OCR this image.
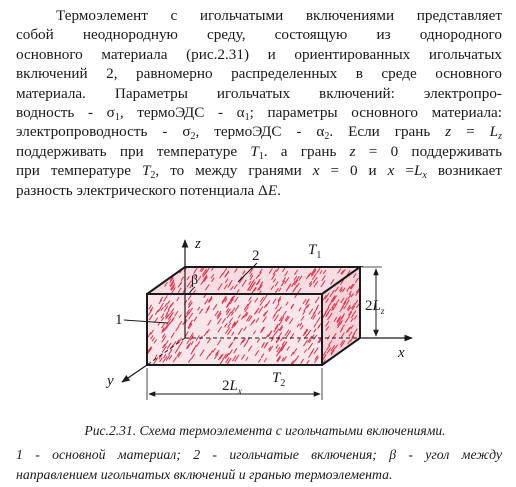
Термоэлемент с игольчатыми включениями представляет
собой неоднородную среду, состоящую из однородного
основного материала (рис.2.31) и ориентированных игольчатых
включений 2, равномерно распределенных в среде основного
материала. Параметры игольчатых включений: электропро-
водность - $\sigma_1$, термоЭДС - $\alpha_1$; параметры основного материала:
электропроводность - $\sigma_2$, термоЭДС - $\alpha_2$. Если грань $z = L_z$
поддерживать при температуре $T_1$. а грань z = 0 поддерживать
при температуре $T_2$, то между гранями x = 0 и $x =L_x$ возникает
разность электрического потенциала ΔE.
z
x
y
1
2
β
$T_1$
$T_2$
$2L_z$
$2L_x$
Рис.2.31. Схема термоэлемента с игольчатыми включениями.
1 - основной материал; 2 - игольчатые включения; β - угол между
направлением игольчатых включений и гранью термоэлемента.
